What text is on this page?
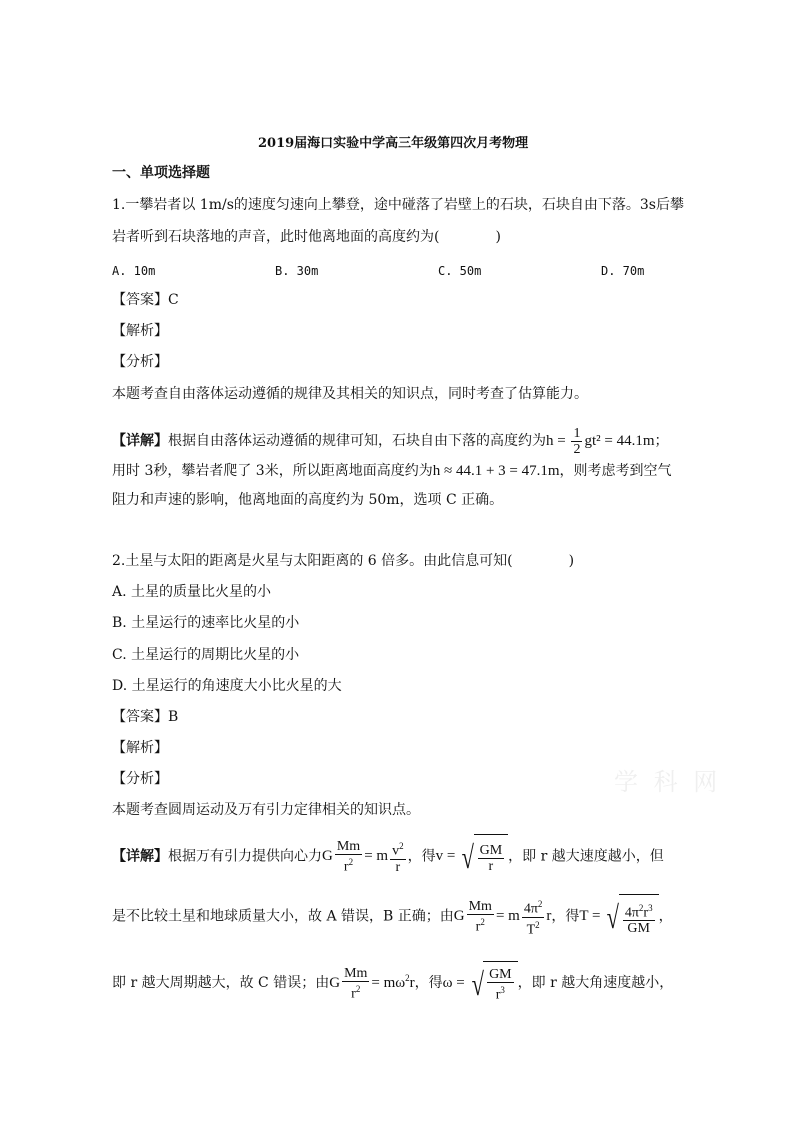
2019届海口实验中学高三年级第四次月考物理
一、单项选择题
1.一攀岩者以 1m/s的速度匀速向上攀登，途中碰落了岩壁上的石块，石块自由下落。3s后攀
岩者听到石块落地的声音，此时他离地面的高度约为(　　　　)
A. 10m	B. 30m	C. 50m	D. 70m
【答案】C
【解析】
【分析】
本题考查自由落体运动遵循的规律及其相关的知识点，同时考查了估算能力。
【详解】根据自由落体运动遵循的规律可知，石块自由下落的高度约为$h = \frac{1}{2} gt^2 = 44.1m$；
用时 3秒，攀岩者爬了 3米，所以距离地面高度约为h ≈ 44.1 + 3 = 47.1m，则考虑考到空气
阻力和声速的影响，他离地面的高度约为 50m，选项 C 正确。
2.土星与太阳的距离是火星与太阳距离的 6 倍多。由此信息可知(　　　　)
A. 土星的质量比火星的小
B. 土星运行的速率比火星的小
C. 土星运行的周期比火星的小
D. 土星运行的角速度大小比火星的大
【答案】B
【解析】
【分析】
本题考查圆周运动及万有引力定律相关的知识点。
【详解】根据万有引力提供向心力G $\frac{Mm}{r^2} = m \frac{v^2}{r}$ ，得v = √ $\frac{GM}{r}$ ，即 r 越大速度越小，但
是不比较土星和地球质量大小，故 A 错误，B 正确；由G $\frac{Mm}{r^2} = m \frac{4\pi^2}{T^2}$ r，得T = √ $\frac{4\pi^2r^3}{GM}$ ，
即 r 越大周期越大，故 C 错误；由G $\frac{Mm}{r^2} = m\omega^2r$，得ω = √ $\frac{GM}{r^3}$ ，即 r 越大角速度越小，
学 科 网
